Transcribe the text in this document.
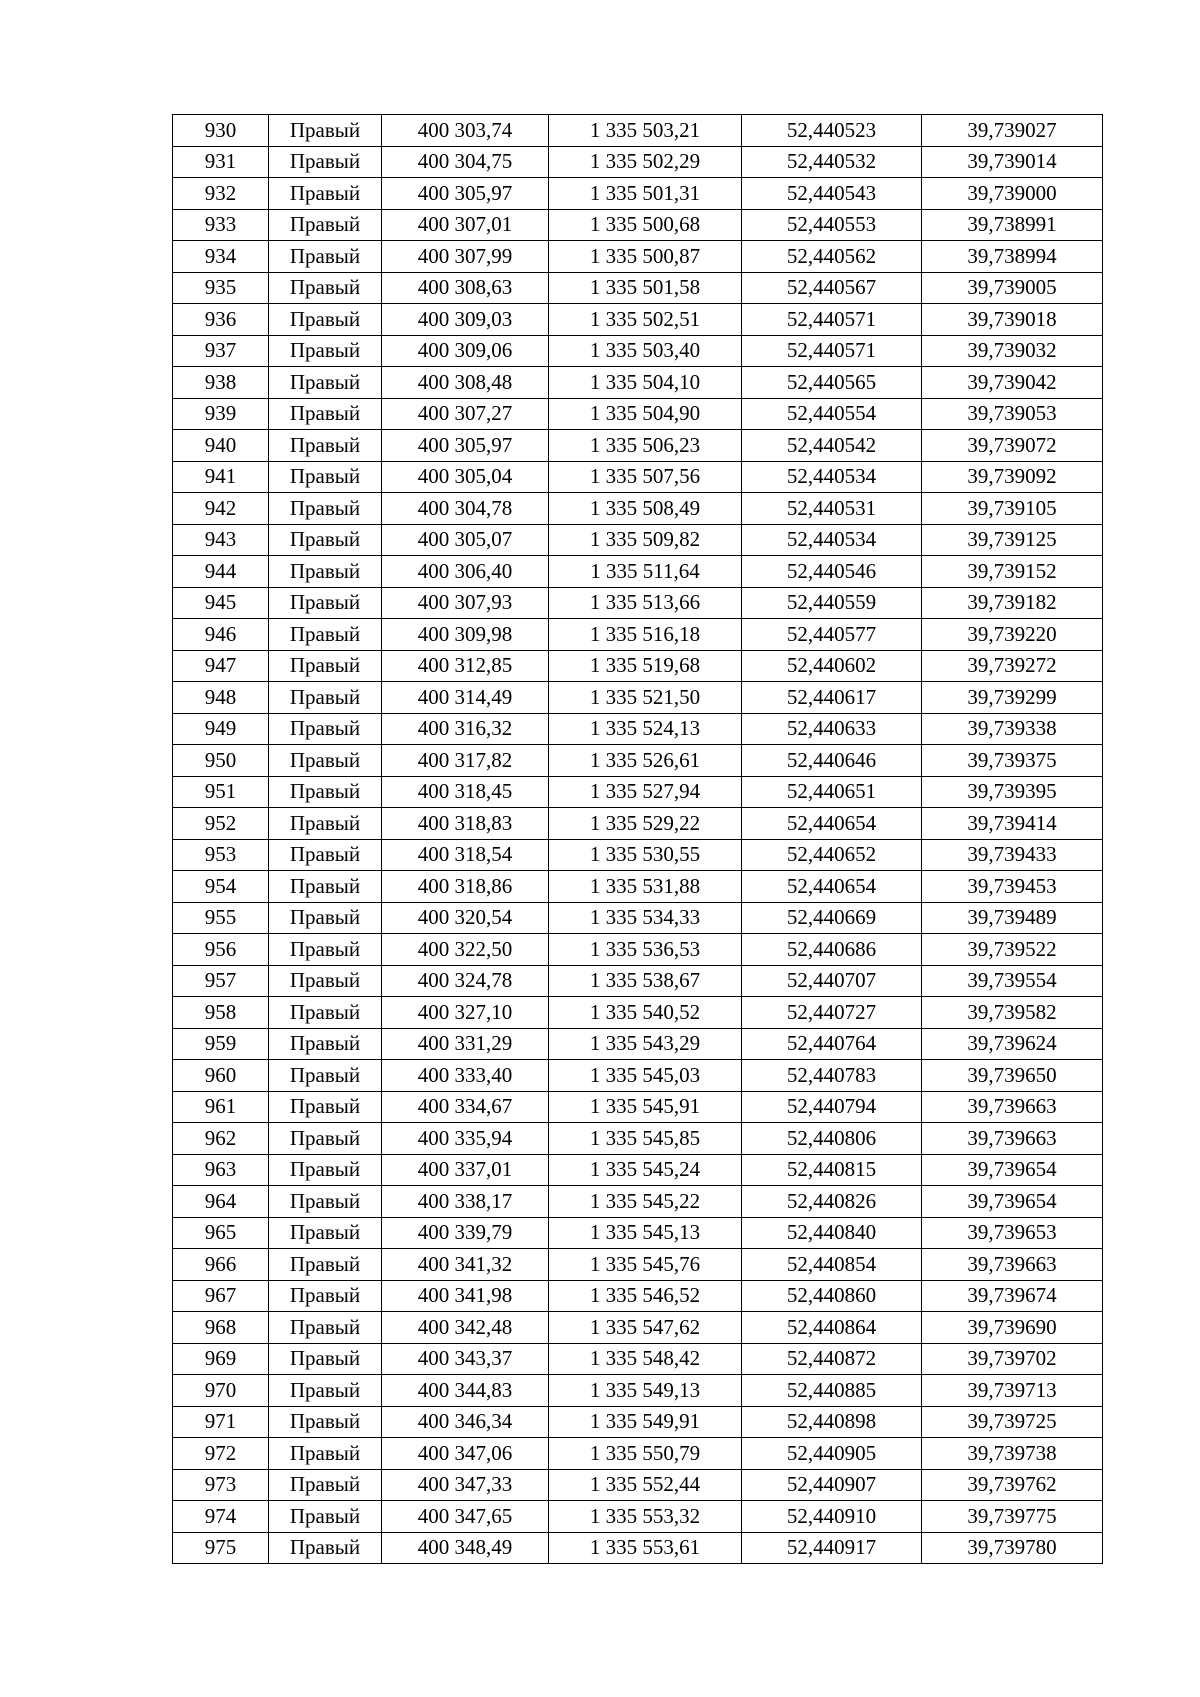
930	Правый	400 303,74	1 335 503,21	52,440523	39,739027
931	Правый	400 304,75	1 335 502,29	52,440532	39,739014
932	Правый	400 305,97	1 335 501,31	52,440543	39,739000
933	Правый	400 307,01	1 335 500,68	52,440553	39,738991
934	Правый	400 307,99	1 335 500,87	52,440562	39,738994
935	Правый	400 308,63	1 335 501,58	52,440567	39,739005
936	Правый	400 309,03	1 335 502,51	52,440571	39,739018
937	Правый	400 309,06	1 335 503,40	52,440571	39,739032
938	Правый	400 308,48	1 335 504,10	52,440565	39,739042
939	Правый	400 307,27	1 335 504,90	52,440554	39,739053
940	Правый	400 305,97	1 335 506,23	52,440542	39,739072
941	Правый	400 305,04	1 335 507,56	52,440534	39,739092
942	Правый	400 304,78	1 335 508,49	52,440531	39,739105
943	Правый	400 305,07	1 335 509,82	52,440534	39,739125
944	Правый	400 306,40	1 335 511,64	52,440546	39,739152
945	Правый	400 307,93	1 335 513,66	52,440559	39,739182
946	Правый	400 309,98	1 335 516,18	52,440577	39,739220
947	Правый	400 312,85	1 335 519,68	52,440602	39,739272
948	Правый	400 314,49	1 335 521,50	52,440617	39,739299
949	Правый	400 316,32	1 335 524,13	52,440633	39,739338
950	Правый	400 317,82	1 335 526,61	52,440646	39,739375
951	Правый	400 318,45	1 335 527,94	52,440651	39,739395
952	Правый	400 318,83	1 335 529,22	52,440654	39,739414
953	Правый	400 318,54	1 335 530,55	52,440652	39,739433
954	Правый	400 318,86	1 335 531,88	52,440654	39,739453
955	Правый	400 320,54	1 335 534,33	52,440669	39,739489
956	Правый	400 322,50	1 335 536,53	52,440686	39,739522
957	Правый	400 324,78	1 335 538,67	52,440707	39,739554
958	Правый	400 327,10	1 335 540,52	52,440727	39,739582
959	Правый	400 331,29	1 335 543,29	52,440764	39,739624
960	Правый	400 333,40	1 335 545,03	52,440783	39,739650
961	Правый	400 334,67	1 335 545,91	52,440794	39,739663
962	Правый	400 335,94	1 335 545,85	52,440806	39,739663
963	Правый	400 337,01	1 335 545,24	52,440815	39,739654
964	Правый	400 338,17	1 335 545,22	52,440826	39,739654
965	Правый	400 339,79	1 335 545,13	52,440840	39,739653
966	Правый	400 341,32	1 335 545,76	52,440854	39,739663
967	Правый	400 341,98	1 335 546,52	52,440860	39,739674
968	Правый	400 342,48	1 335 547,62	52,440864	39,739690
969	Правый	400 343,37	1 335 548,42	52,440872	39,739702
970	Правый	400 344,83	1 335 549,13	52,440885	39,739713
971	Правый	400 346,34	1 335 549,91	52,440898	39,739725
972	Правый	400 347,06	1 335 550,79	52,440905	39,739738
973	Правый	400 347,33	1 335 552,44	52,440907	39,739762
974	Правый	400 347,65	1 335 553,32	52,440910	39,739775
975	Правый	400 348,49	1 335 553,61	52,440917	39,739780
